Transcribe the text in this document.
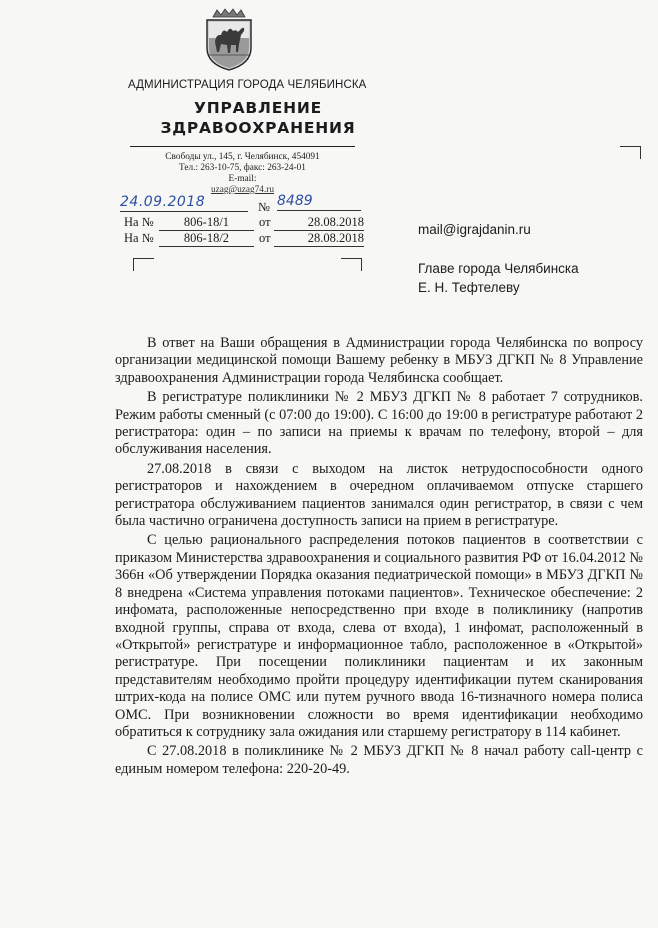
АДМИНИСТРАЦИЯ ГОРОДА ЧЕЛЯБИНСКА
УПРАВЛЕНИЕ
ЗДРАВООХРАНЕНИЯ
Свободы ул., 145, г. Челябинск, 454091
Тел.: 263-10-75, факс: 263-24-01
E-mail:
uzag@uzag74.ru
24.09.2018	№ 8489
На №	806-18/1	от	28.08.2018
На №	806-18/2	от	28.08.2018
mail@igrajdanin.ru
Главе города Челябинска
Е. Н. Тефтелеву

В ответ на Ваши обращения в Администрации города Челябинска по вопросу организации медицинской помощи Вашему ребенку в МБУЗ ДГКП № 8 Управление здравоохранения Администрации города Челябинска сообщает.

В регистратуре поликлиники № 2 МБУЗ ДГКП № 8 работает 7 сотрудников. Режим работы сменный (с 07:00 до 19:00). С 16:00 до 19:00 в регистратуре работают 2 регистратора: один – по записи на приемы к врачам по телефону, второй – для обслуживания населения.

27.08.2018 в связи с выходом на листок нетрудоспособности одного регистраторов и нахождением в очередном оплачиваемом отпуске старшего регистратора обслуживанием пациентов занимался один регистратор, в связи с чем была частично ограничена доступность записи на прием в регистратуре.

С целью рационального распределения потоков пациентов в соответствии с приказом Министерства здравоохранения и социального развития РФ от 16.04.2012 № 366н «Об утверждении Порядка оказания педиатрической помощи» в МБУЗ ДГКП № 8 внедрена «Система управления потоками пациентов». Техническое обеспечение: 2 инфомата, расположенные непосредственно при входе в поликлинику (напротив входной группы, справа от входа, слева от входа), 1 инфомат, расположенный в «Открытой» регистратуре и информационное табло, расположенное в «Открытой» регистратуре. При посещении поликлиники пациентам и их законным представителям необходимо пройти процедуру идентификации путем сканирования штрих-кода на полисе ОМС или путем ручного ввода 16-тизначного номера полиса ОМС. При возникновении сложности во время идентификации необходимо обратиться к сотруднику зала ожидания или старшему регистратору в 114 кабинет.

С 27.08.2018 в поликлинике № 2 МБУЗ ДГКП № 8 начал работу call-центр с единым номером телефона: 220-20-49.
